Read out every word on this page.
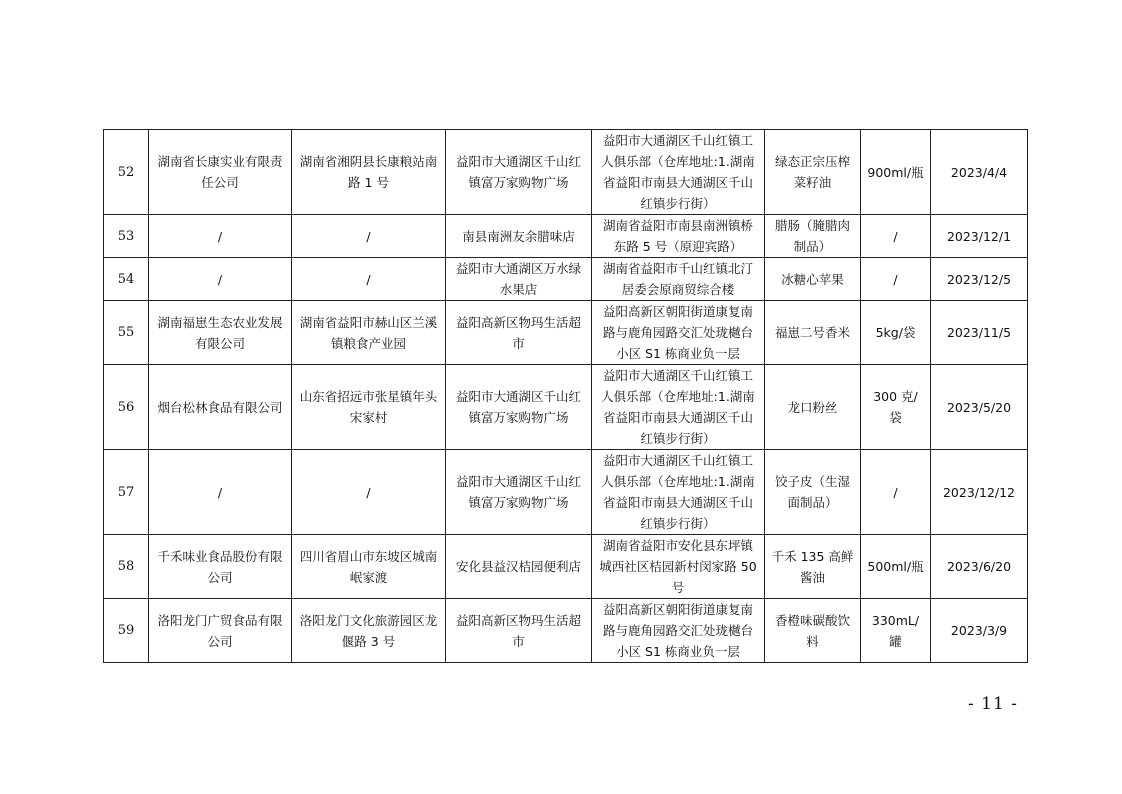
52	湖南省长康实业有限责任公司	湖南省湘阴县长康粮站南路 1 号	益阳市大通湖区千山红镇富万家购物广场	益阳市大通湖区千山红镇工人俱乐部（仓库地址:1.湖南省益阳市南县大通湖区千山红镇步行街）	绿态正宗压榨菜籽油	900ml/瓶	2023/4/4
53	/	/	南县南洲友余腊味店	湖南省益阳市南县南洲镇桥东路 5 号（原迎宾路）	腊肠（腌腊肉制品）	/	2023/12/1
54	/	/	益阳市大通湖区万水绿水果店	湖南省益阳市千山红镇北汀居委会原商贸综合楼	冰糖心苹果	/	2023/12/5
55	湖南福崽生态农业发展有限公司	湖南省益阳市赫山区兰溪镇粮食产业园	益阳高新区物玛生活超市	益阳高新区朝阳街道康复南路与鹿角园路交汇处珑樾台小区 S1 栋商业负一层	福崽二号香米	5kg/袋	2023/11/5
56	烟台松林食品有限公司	山东省招远市张星镇年头宋家村	益阳市大通湖区千山红镇富万家购物广场	益阳市大通湖区千山红镇工人俱乐部（仓库地址:1.湖南省益阳市南县大通湖区千山红镇步行街）	龙口粉丝	300 克/袋	2023/5/20
57	/	/	益阳市大通湖区千山红镇富万家购物广场	益阳市大通湖区千山红镇工人俱乐部（仓库地址:1.湖南省益阳市南县大通湖区千山红镇步行街）	饺子皮（生湿面制品）	/	2023/12/12
58	千禾味业食品股份有限公司	四川省眉山市东坡区城南岷家渡	安化县益汉桔园便利店	湖南省益阳市安化县东坪镇城西社区桔园新村闵家路 50 号	千禾 135 高鲜酱油	500ml/瓶	2023/6/20
59	洛阳龙门广贸食品有限公司	洛阳龙门文化旅游园区龙偃路 3 号	益阳高新区物玛生活超市	益阳高新区朝阳街道康复南路与鹿角园路交汇处珑樾台小区 S1 栋商业负一层	香橙味碳酸饮料	330mL/罐	2023/3/9
- 11 -
